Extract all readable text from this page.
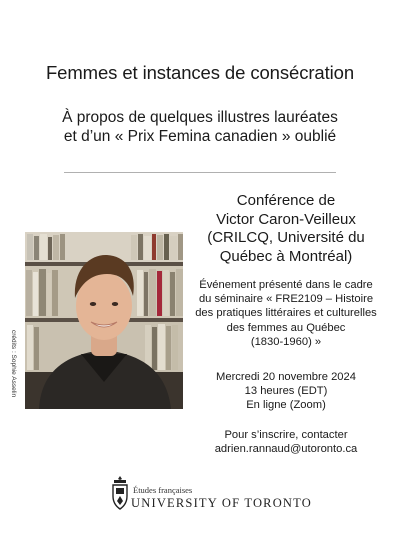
Femmes et instances de consécration
À propos de quelques illustres lauréates
et d’un « Prix Femina canadien » oublié
Conférence de
Victor Caron-Veilleux
(CRILCQ, Université du
Québec à Montréal)
crédits : Sophie Asselin
Événement présenté dans le cadre
du séminaire « FRE2109 – Histoire
des pratiques littéraires et culturelles
des femmes au Québec
(1830-1960) »
Mercredi 20 novembre 2024
13 heures (EDT)
En ligne (Zoom)
Pour s’inscrire, contacter
adrien.rannaud@utoronto.ca
Études françaises
UNIVERSITY OF TORONTO
